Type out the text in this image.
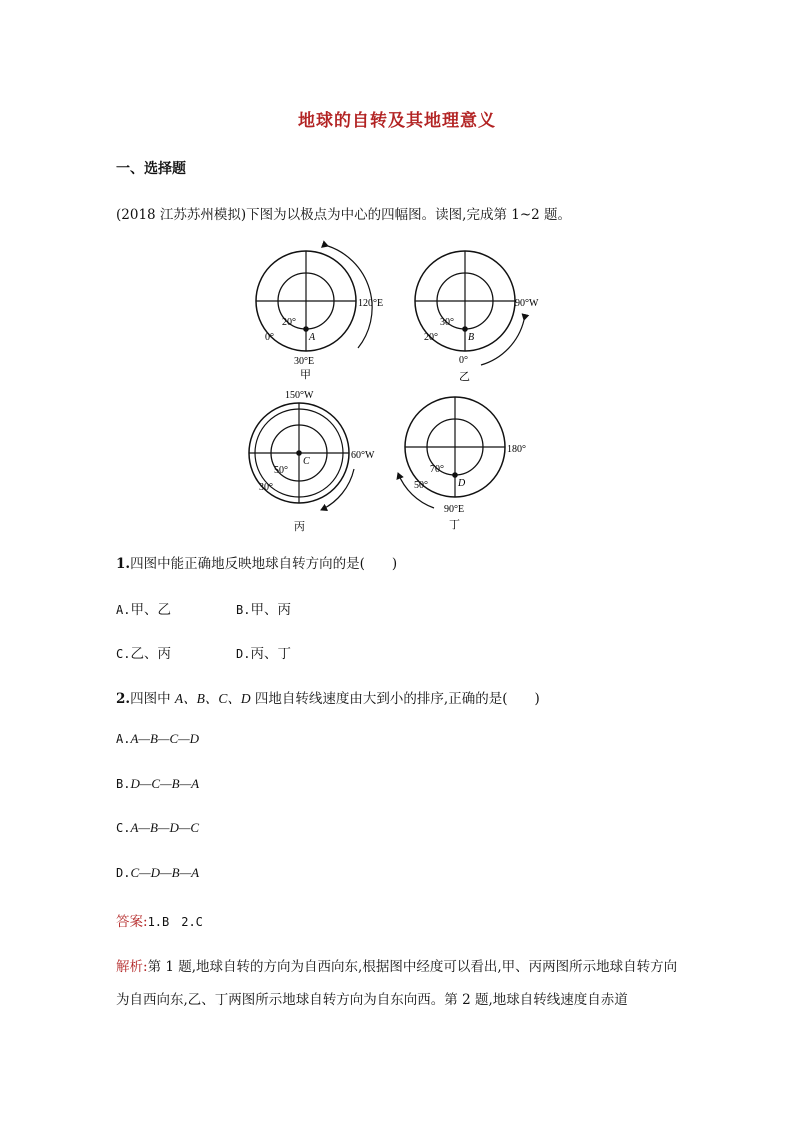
地球的自转及其地理意义
一、选择题
(2018 江苏苏州模拟)下图为以极点为中心的四幅图。读图,完成第 1~2 题。
20°
0°	A
120°E
30°E
甲
30°
20°	B
90°W
0°
乙
150°W
50°
30°
C
60°W
丙
70°
50°	D
180°
90°E
丁
1.四图中能正确地反映地球自转方向的是(　　)
A.甲、乙	B.甲、丙
C.乙、丙	D.丙、丁
2.四图中 A、B、C、D 四地自转线速度由大到小的排序,正确的是(　　)
A.A—B—C—D
B.D—C—B—A
C.A—B—D—C
D.C—D—B—A
答案:1.B　2.C
解析:第 1 题,地球自转的方向为自西向东,根据图中经度可以看出,甲、丙两图所示地球自转方向为自西向东,乙、丁两图所示地球自转方向为自东向西。第 2 题,地球自转线速度自赤道
